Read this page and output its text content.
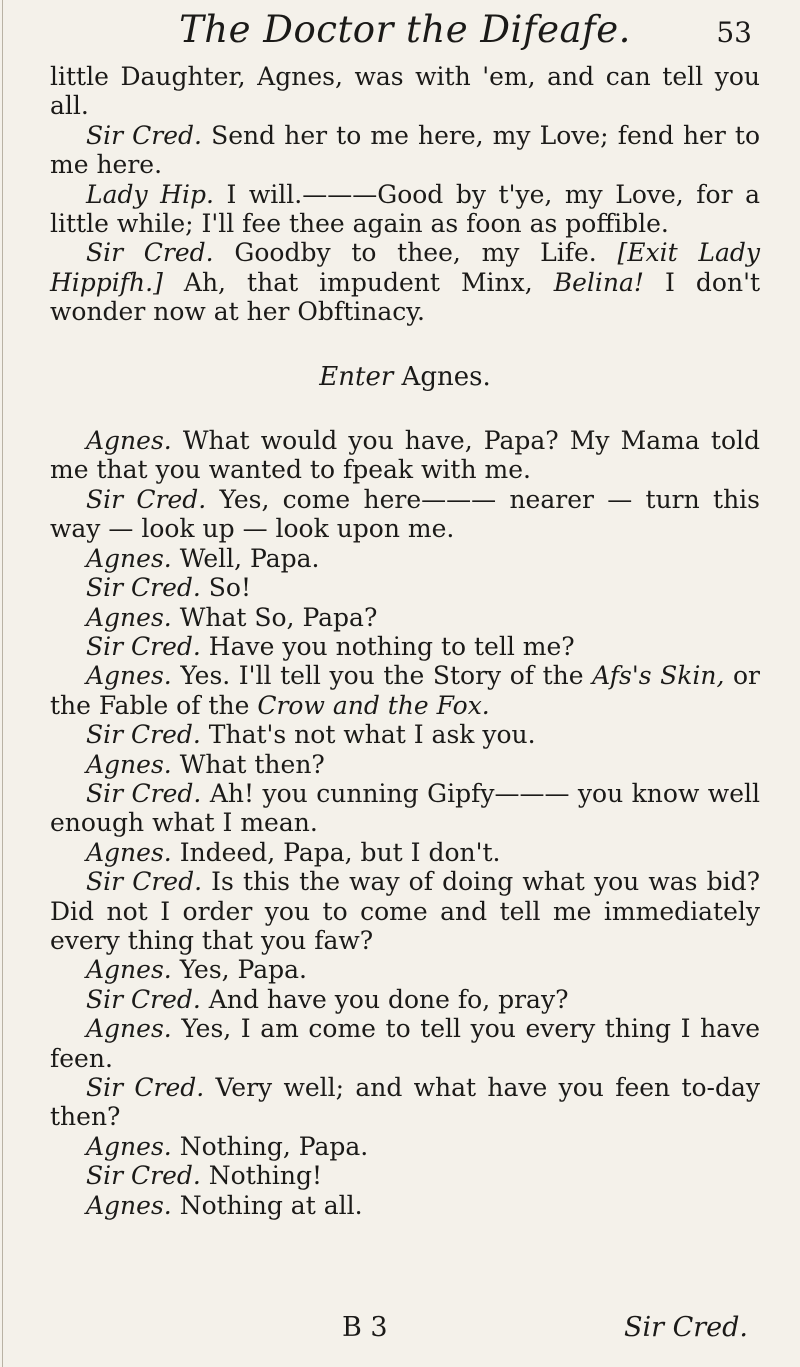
The Doctor the Difeafe.	53

little Daughter, Agnes, was with 'em, and can tell you all.

Sir Cred. Send her to me here, my Love; fend her to me here.

Lady Hip. I will.———Good by t'ye, my Love, for a little while; I'll fee thee again as foon as poffible.

Sir Cred. Goodby to thee, my Life. [Exit Lady Hippifh.] Ah, that impudent Minx, Belina! I don't wonder now at her Obftinacy.

Enter Agnes.

Agnes. What would you have, Papa? My Mama told me that you wanted to fpeak with me.

Sir Cred. Yes, come here——— nearer — turn this way — look up — look upon me.

Agnes. Well, Papa.

Sir Cred. So!

Agnes. What So, Papa?

Sir Cred. Have you nothing to tell me?

Agnes. Yes. I'll tell you the Story of the Afs's Skin, or the Fable of the Crow and the Fox.

Sir Cred. That's not what I ask you.

Agnes. What then?

Sir Cred. Ah! you cunning Gipfy——— you know well enough what I mean.

Agnes. Indeed, Papa, but I don't.

Sir Cred. Is this the way of doing what you was bid? Did not I order you to come and tell me immediately every thing that you faw?

Agnes. Yes, Papa.

Sir Cred. And have you done fo, pray?

Agnes. Yes, I am come to tell you every thing I have feen.

Sir Cred. Very well; and what have you feen to-day then?

Agnes. Nothing, Papa.

Sir Cred. Nothing!

Agnes. Nothing at all.

B 3	Sir Cred.
